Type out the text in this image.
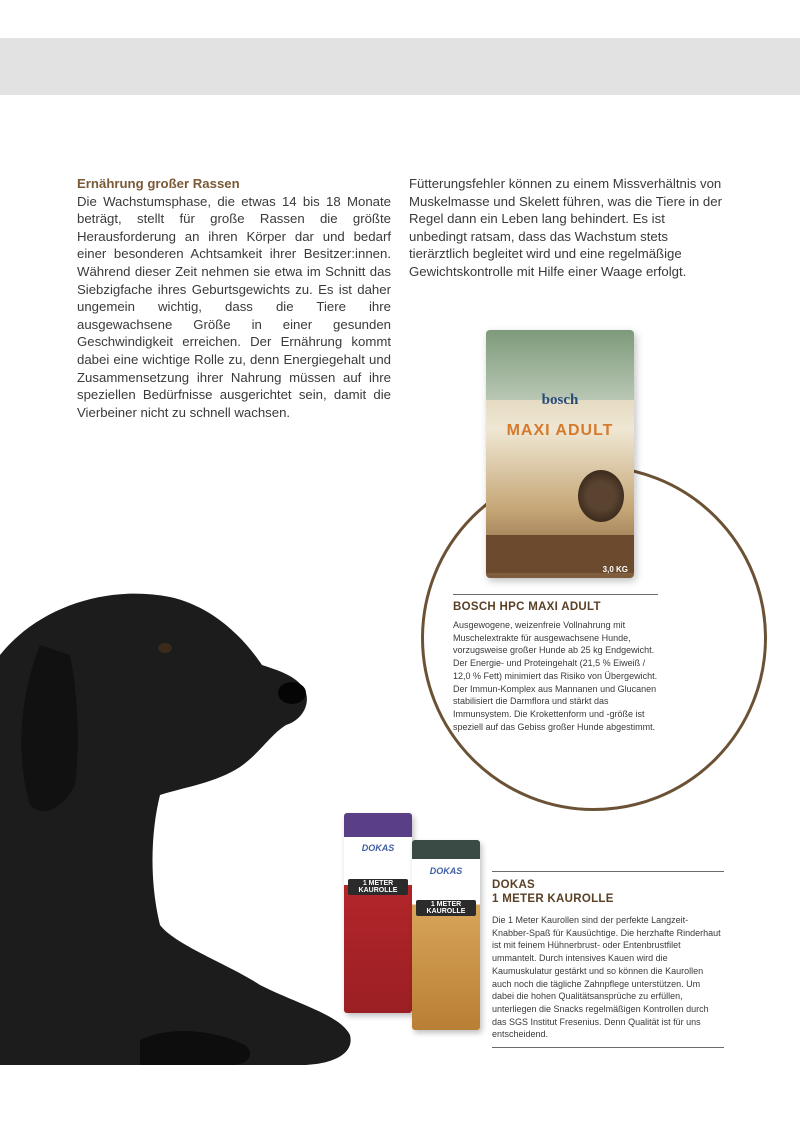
Ernährung großer Rassen

Die Wachstumsphase, die etwas 14 bis 18 Monate beträgt, stellt für große Rassen die größte Herausforderung an ihren Körper dar und bedarf einer besonderen Achtsamkeit ihrer Besitzer:innen. Während dieser Zeit nehmen sie etwa im Schnitt das Siebzigfache ihres Geburtsgewichts zu. Es ist daher ungemein wichtig, dass die Tiere ihre ausgewachsene Größe in einer gesunden Geschwindigkeit erreichen. Der Ernährung kommt dabei eine wichtige Rolle zu, denn Energiegehalt und Zusammensetzung ihrer Nahrung müssen auf ihre speziellen Bedürfnisse ausgerichtet sein, damit die Vierbeiner nicht zu schnell wachsen.

Fütterungsfehler können zu einem Missverhältnis von Muskelmasse und Skelett führen, was die Tiere in der Regel dann ein Leben lang behindert. Es ist unbedingt ratsam, dass das Wachstum stets tierärztlich begleitet wird und eine regelmäßige Gewichtskontrolle mit Hilfe einer Waage erfolgt.

bosch
MAXI ADULT
3,0 KG
BOSCH HPC MAXI ADULT

Ausgewogene, weizenfreie Vollnahrung mit Muschelextrakte für ausgewachsene Hunde, vorzugsweise großer Hunde ab 25 kg Endgewicht. Der Energie- und Proteingehalt (21,5 % Eiweiß / 12,0 % Fett) minimiert das Risiko von Übergewicht. Der Immun-Komplex aus Mannanen und Glucanen stabilisiert die Darmflora und stärkt das Immunsystem. Die Krokettenform und -größe ist speziell auf das Gebiss großer Hunde abgestimmt.

DOKAS
1 METER KAUROLLE
DOKAS
1 METER KAUROLLE
DOKAS
1 METER KAUROLLE

Die 1 Meter Kaurollen sind der perfekte Langzeit-Knabber-Spaß für Kausüchtige. Die herzhafte Rinderhaut ist mit feinem Hühnerbrust- oder Entenbrustfilet ummantelt. Durch intensives Kauen wird die Kaumuskulatur gestärkt und so können die Kaurollen auch noch die tägliche Zahnpflege unterstützen. Um dabei die hohen Qualitätsansprüche zu erfüllen, unterliegen die Snacks regelmäßigen Kontrollen durch das SGS Institut Fresenius. Denn Qualität ist für uns entscheidend.
